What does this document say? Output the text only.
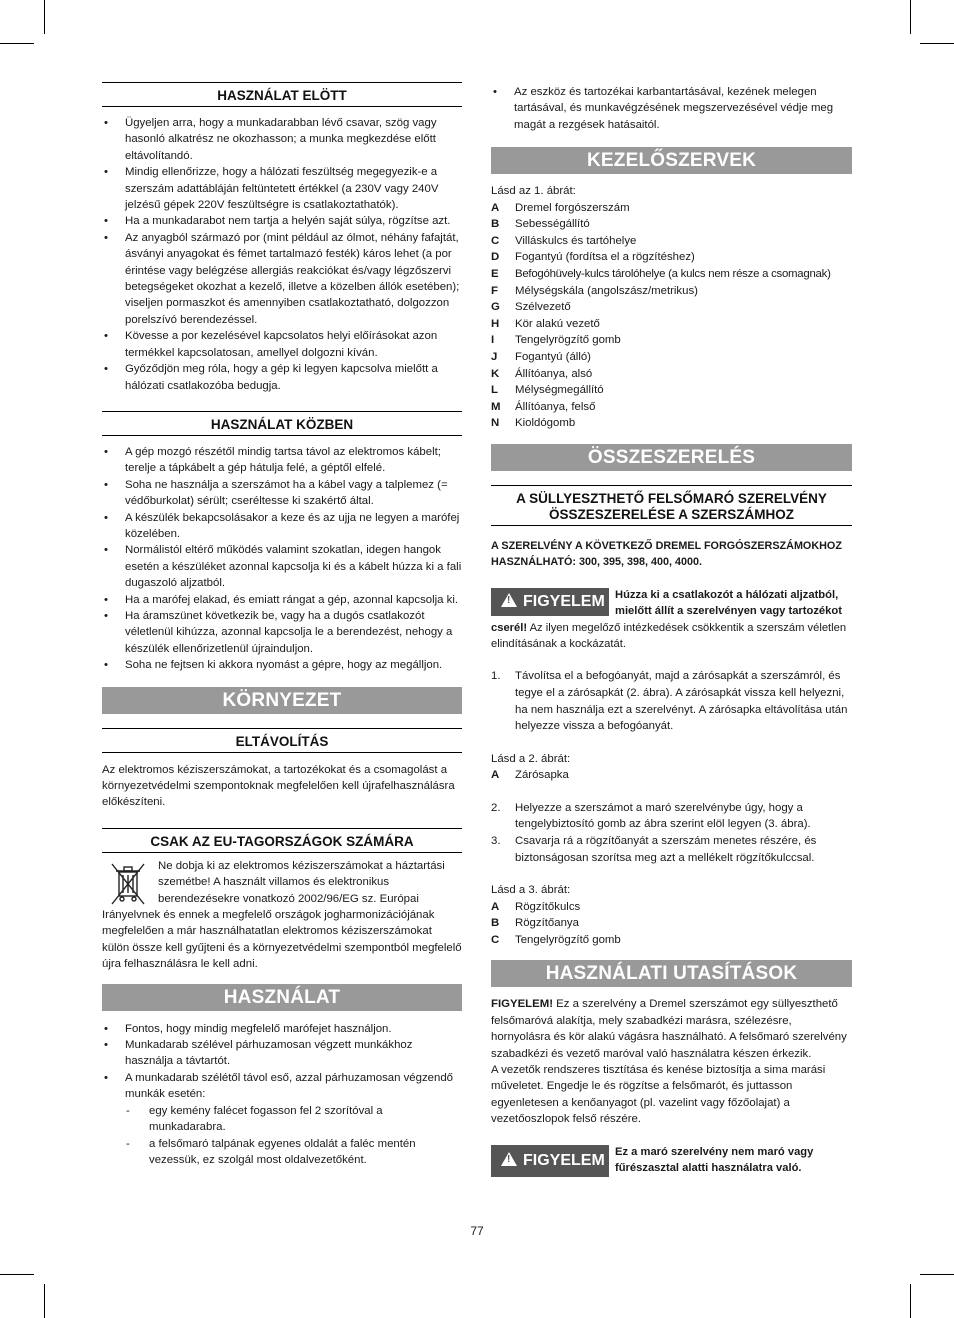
HASZNÁLAT ELÖTT
• Ügyeljen arra, hogy a munkadarabban lévő csavar, szög vagy hasonló alkatrész ne okozhasson; a munka megkezdése előtt eltávolítandó.
• Mindig ellenőrizze, hogy a hálózati feszültség megegyezik-e a szerszám adattábláján feltüntetett értékkel (a 230V vagy 240V jelzésű gépek 220V feszültségre is csatlakoztathatók).
• Ha a munkadarabot nem tartja a helyén saját súlya, rögzítse azt.
• Az anyagból származó por (mint például az ólmot, néhány fafajtát, ásványi anyagokat és fémet tartalmazó festék) káros lehet (a por érintése vagy belégzése allergiás reakciókat és/vagy légzőszervi betegségeket okozhat a kezelő, illetve a közelben állók esetében); viseljen pormaszkot és amennyiben csatlakoztatható, dolgozzon porelszívó berendezéssel.
• Kövesse a por kezelésével kapcsolatos helyi előírásokat azon termékkel kapcsolatosan, amellyel dolgozni kíván.
• Győződjön meg róla, hogy a gép ki legyen kapcsolva mielőtt a hálózati csatlakozóba bedugja.
HASZNÁLAT KÖZBEN
• A gép mozgó részétől mindig tartsa távol az elektromos kábelt; terelje a tápkábelt a gép hátulja felé, a géptől elfelé.
• Soha ne használja a szerszámot ha a kábel vagy a talplemez (= védőburkolat) sérült; cseréltesse ki szakértő által.
• A készülék bekapcsolásakor a keze és az ujja ne legyen a marófej közelében.
• Normálistól eltérő működés valamint szokatlan, idegen hangok esetén a készüléket azonnal kapcsolja ki és a kábelt húzza ki a fali dugaszoló aljzatból.
• Ha a marófej elakad, és emiatt rángat a gép, azonnal kapcsolja ki.
• Ha áramszünet következik be, vagy ha a dugós csatlakozót véletlenül kihúzza, azonnal kapcsolja le a berendezést, nehogy a készülék ellenőrizetlenül újrainduljon.
• Soha ne fejtsen ki akkora nyomást a gépre, hogy az megálljon.
KÖRNYEZET
ELTÁVOLÍTÁS

Az elektromos kéziszerszámokat, a tartozékokat és a csomagolást a környezetvédelmi szempontoknak megfelelően kell újrafelhasználásra előkészíteni.

CSAK AZ EU-TAGORSZÁGOK SZÁMÁRA

Ne dobja ki az elektromos kéziszerszámokat a háztartási szemétbe! A használt villamos és elektronikus berendezésekre vonatkozó 2002/96/EG sz. Európai Irányelvnek és ennek a megfelelő országok jogharmonizációjának megfelelően a már használhatatlan elektromos kéziszerszámokat külön össze kell gyűjteni és a környezetvédelmi szempontból megfelelő újra felhasználásra le kell adni.

HASZNÁLAT
• Fontos, hogy mindig megfelelő marófejet használjon.
• Munkadarab szélével párhuzamosan végzett munkákhoz használja a távtartót.
• A munkadarab szélétől távol eső, azzal párhuzamosan végzendő munkák esetén:
- egy kemény falécet fogasson fel 2 szorítóval a munkadarabra.
- a felsőmaró talpának egyenes oldalát a faléc mentén vezessük, ez szolgál most oldalvezetőként.
• Az eszköz és tartozékai karbantartásával, kezének melegen tartásával, és munkavégzésének megszervezésével védje meg magát a rezgések hatásaitól.
KEZELŐSZERVEK

Lásd az 1. ábrát:

A	Dremel forgószerszám
B	Sebességállító
C	Villáskulcs és tartóhelye
D	Fogantyú (fordítsa el a rögzítéshez)
E	Befogóhüvely-kulcs tárolóhelye (a kulcs nem része a csomagnak)
F	Mélységskála (angolszász/metrikus)
G	Szélvezető
H	Kör alakú vezető
I	Tengelyrögzítő gomb
J	Fogantyú (álló)
K	Állítóanya, alsó
L	Mélységmegállító
M	Állítóanya, felső
N	Kioldógomb
ÖSSZESZERELÉS
A SÜLLYESZTHETŐ FELSŐMARÓ SZERELVÉNY
ÖSSZESZERELÉSE A SZERSZÁMHOZ

A SZERELVÉNY A KÖVETKEZŐ DREMEL FORGÓSZERSZÁMOKHOZ HASZNÁLHATÓ: 300, 395, 398, 400, 4000.

! FIGYELEM Húzza ki a csatlakozót a hálózati aljzatból, mielőtt állít a szerelvényen vagy tartozékot cserél! Az ilyen megelőző intézkedések csökkentik a szerszám véletlen elindításának a kockázatát.

1. Távolítsa el a befogóanyát, majd a zárósapkát a szerszámról, és tegye el a zárósapkát (2. ábra). A zárósapkát vissza kell helyezni, ha nem használja ezt a szerelvényt. A zárósapka eltávolítása után helyezze vissza a befogóanyát.

Lásd a 2. ábrát:

A	Zárósapka
2. Helyezze a szerszámot a maró szerelvénybe úgy, hogy a tengelybiztosító gomb az ábra szerint elöl legyen (3. ábra).
3. Csavarja rá a rögzítőanyát a szerszám menetes részére, és biztonságosan szorítsa meg azt a mellékelt rögzítőkulccsal.

Lásd a 3. ábrát:

A	Rögzítőkulcs
B	Rögzítőanya
C	Tengelyrögzítő gomb
HASZNÁLATI UTASÍTÁSOK

FIGYELEM! Ez a szerelvény a Dremel szerszámot egy süllyeszthető felsőmaróvá alakítja, mely szabadkézi marásra, szélezésre, hornyolásra és kör alakú vágásra használható. A felsőmaró szerelvény szabadkézi és vezető maróval való használatra készen érkezik.

A vezetők rendszeres tisztítása és kenése biztosítja a sima marási műveletet. Engedje le és rögzítse a felsőmarót, és juttasson egyenletesen a kenőanyagot (pl. vazelint vagy főzőolajat) a vezetőoszlopok felső részére.

! FIGYELEM Ez a maró szerelvény nem maró vagy fűrészasztal alatti használatra való.

77
